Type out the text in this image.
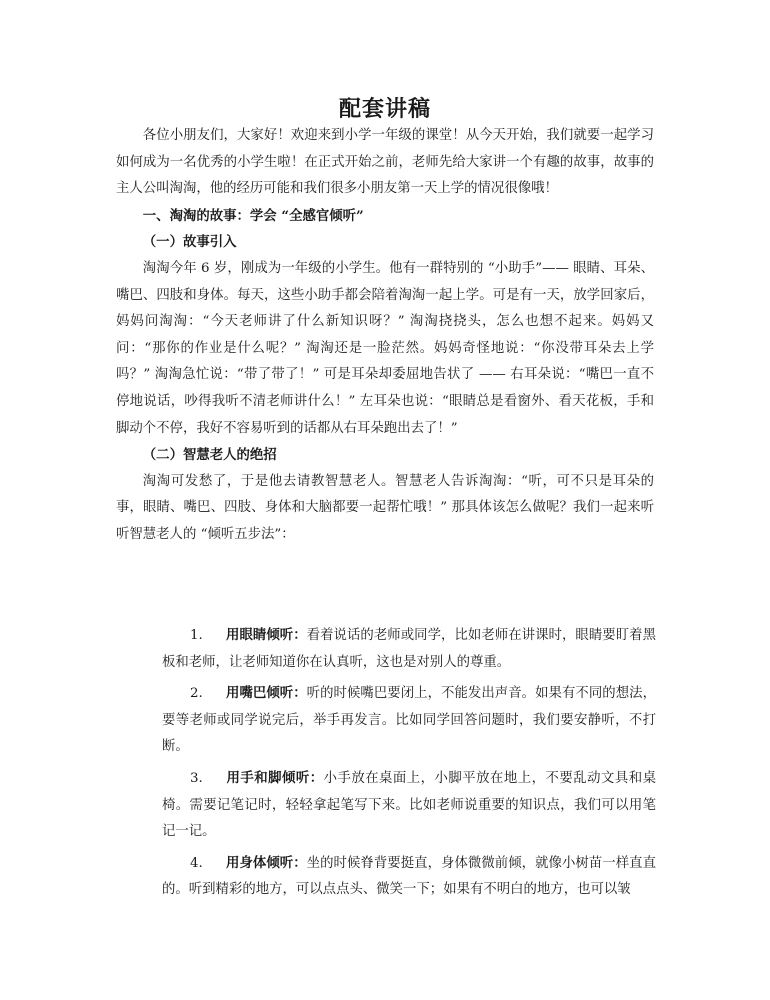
配套讲稿

各位小朋友们，大家好！欢迎来到小学一年级的课堂！从今天开始，我们就要一起学习如何成为一名优秀的小学生啦！在正式开始之前，老师先给大家讲一个有趣的故事，故事的主人公叫淘淘，他的经历可能和我们很多小朋友第一天上学的情况很像哦！

一、淘淘的故事：学会 “全感官倾听”

（一）故事引入

淘淘今年 6 岁，刚成为一年级的小学生。他有一群特别的 “小助手”—— 眼睛、耳朵、嘴巴、四肢和身体。每天，这些小助手都会陪着淘淘一起上学。可是有一天，放学回家后，妈妈问淘淘：“今天老师讲了什么新知识呀？” 淘淘挠挠头，怎么也想不起来。妈妈又问：“那你的作业是什么呢？” 淘淘还是一脸茫然。妈妈奇怪地说：“你没带耳朵去上学吗？” 淘淘急忙说：“带了带了！” 可是耳朵却委屈地告状了 —— 右耳朵说：“嘴巴一直不停地说话，吵得我听不清老师讲什么！” 左耳朵也说：“眼睛总是看窗外、看天花板，手和脚动个不停，我好不容易听到的话都从右耳朵跑出去了！”

（二）智慧老人的绝招

淘淘可发愁了，于是他去请教智慧老人。智慧老人告诉淘淘：“听，可不只是耳朵的事，眼睛、嘴巴、四肢、身体和大脑都要一起帮忙哦！” 那具体该怎么做呢？我们一起来听听智慧老人的 “倾听五步法”：

1. 用眼睛倾听：看着说话的老师或同学，比如老师在讲课时，眼睛要盯着黑板和老师，让老师知道你在认真听，这也是对别人的尊重。

2. 用嘴巴倾听：听的时候嘴巴要闭上，不能发出声音。如果有不同的想法，要等老师或同学说完后，举手再发言。比如同学回答问题时，我们要安静听，不打断。

3. 用手和脚倾听：小手放在桌面上，小脚平放在地上，不要乱动文具和桌椅。需要记笔记时，轻轻拿起笔写下来。比如老师说重要的知识点，我们可以用笔记一记。

4. 用身体倾听：坐的时候脊背要挺直，身体微微前倾，就像小树苗一样直直的。听到精彩的地方，可以点点头、微笑一下；如果有不明白的地方，也可以皱
